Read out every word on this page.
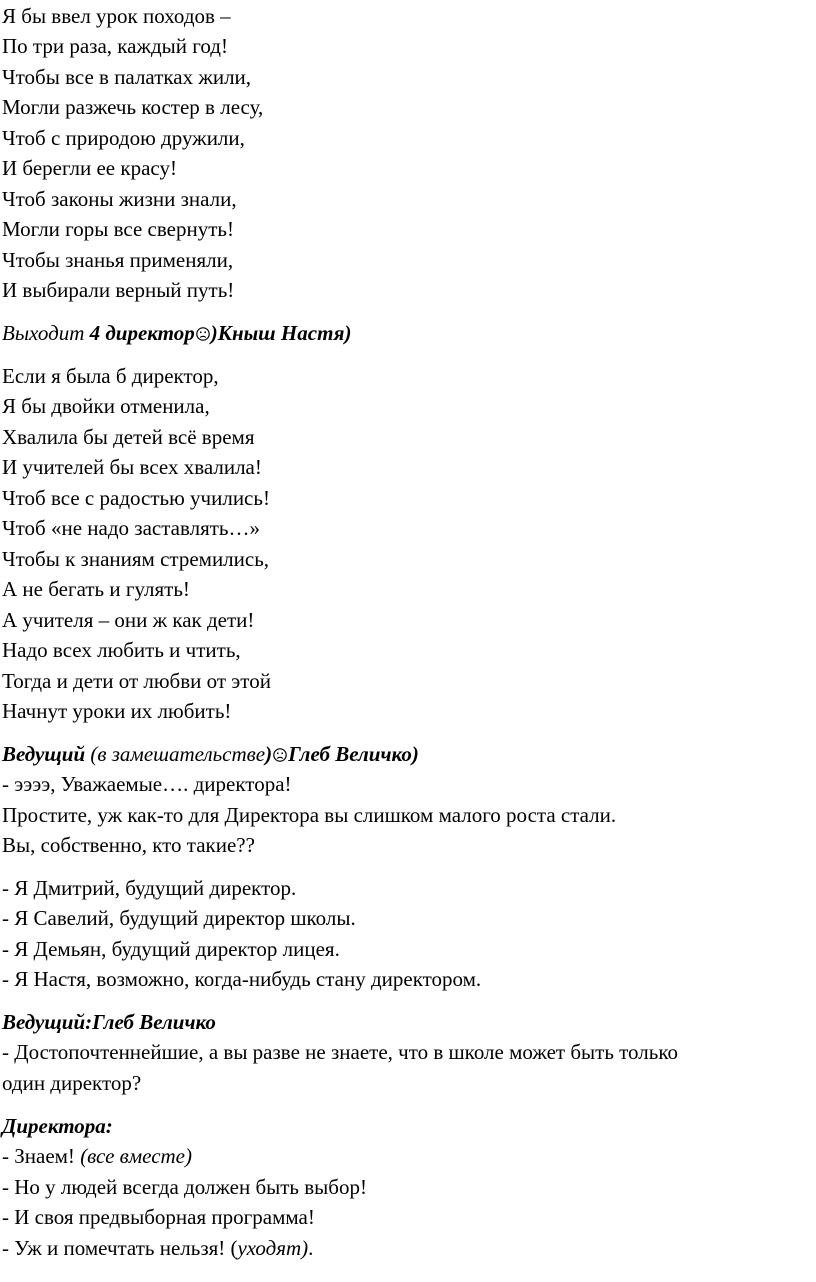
Я бы ввел урок походов –
По три раза, каждый год!
Чтобы все в палатках жили,
Могли разжечь костер в лесу,
Чтоб с природою дружили,
И берегли ее красу!
Чтоб законы жизни знали,
Могли горы все свернуть!
Чтобы знанья применяли,
И выбирали верный путь!
Выходит 4 директор )Кныш Настя)
Если я была б директор,
Я бы двойки отменила,
Хвалила бы детей всё время
И учителей бы всех хвалила!
Чтоб все с радостью учились!
Чтоб «не надо заставлять…»
Чтобы к знаниям стремились,
А не бегать и гулять!
А учителя – они ж как дети!
Надо всех любить и чтить,
Тогда и дети от любви от этой
Начнут уроки их любить!
Ведущий (в замешательстве) Глеб Величко)
- ээээ, Уважаемые…. директора!
Простите, уж как-то для Директора вы слишком малого роста стали.
Вы, собственно, кто такие??
- Я Дмитрий, будущий директор.
- Я Савелий, будущий директор школы.
- Я Демьян, будущий директор лицея.
- Я Настя, возможно, когда-нибудь стану директором.
Ведущий:Глеб Величко
- Достопочтеннейшие, а вы разве не знаете, что в школе может быть только
один директор?
Директора:
- Знаем! (все вместе)
- Но у людей всегда должен быть выбор!
- И своя предвыборная программа!
- Уж и помечтать нельзя! (уходят).
